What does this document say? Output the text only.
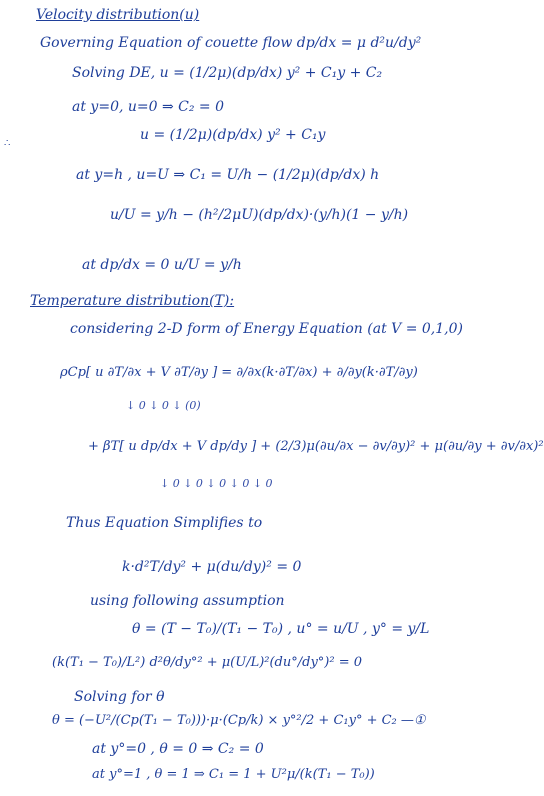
∴
Velocity distribution(u)
Governing Equation of couette flow dp/dx = μ d²u/dy²
Solving DE, u = (1/2μ)(dp/dx) y² + C₁y + C₂
at y=0, u=0 ⇒ C₂ = 0
u = (1/2μ)(dp/dx) y² + C₁y
at y=h , u=U ⇒ C₁ = U/h − (1/2μ)(dp/dx) h
u/U = y/h − (h²/2μU)(dp/dx)·(y/h)(1 − y/h)
at dp/dx = 0 u/U = y/h
Temperature distribution(T):
considering 2-D form of Energy Equation (at V = 0,1,0)
ρCp[ u ∂T/∂x + V ∂T/∂y ] = ∂/∂x(k·∂T/∂x) + ∂/∂y(k·∂T/∂y)
↓ 0 ↓ 0 ↓ (0)
+ βT[ u dp/dx + V dp/dy ] + (2/3)μ(∂u/∂x − ∂v/∂y)² + μ(∂u/∂y + ∂v/∂x)²
↓ 0 ↓ 0 ↓ 0 ↓ 0 ↓ 0
Thus Equation Simplifies to
k·d²T/dy² + μ(du/dy)² = 0
using following assumption
θ = (T − T₀)/(T₁ − T₀) , u° = u/U , y° = y/L
(k(T₁ − T₀)/L²) d²θ/dy°² + μ(U/L)²(du°/dy°)² = 0
Solving for θ
θ = (−U²/(Cp(T₁ − T₀)))·μ·(Cp/k) × y°²/2 + C₁y° + C₂ —①
at y°=0 , θ = 0 ⇒ C₂ = 0
at y°=1 , θ = 1 ⇒ C₁ = 1 + U²μ/(k(T₁ − T₀))
